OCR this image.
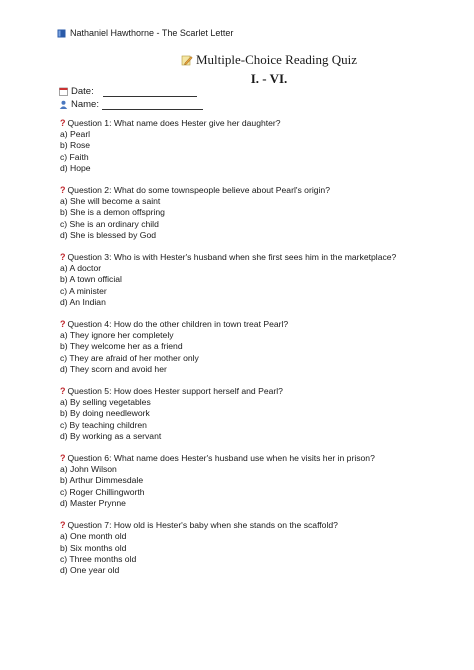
Nathaniel Hawthorne - The Scarlet Letter
Multiple-Choice Reading Quiz
I. - VI.
Date:
Name:
? Question 1: What name does Hester give her daughter?
a) Pearl
b) Rose
c) Faith
d) Hope
? Question 2: What do some townspeople believe about Pearl's origin?
a) She will become a saint
b) She is a demon offspring
c) She is an ordinary child
d) She is blessed by God
? Question 3: Who is with Hester's husband when she first sees him in the marketplace?
a) A doctor
b) A town official
c) A minister
d) An Indian
? Question 4: How do the other children in town treat Pearl?
a) They ignore her completely
b) They welcome her as a friend
c) They are afraid of her mother only
d) They scorn and avoid her
? Question 5: How does Hester support herself and Pearl?
a) By selling vegetables
b) By doing needlework
c) By teaching children
d) By working as a servant
? Question 6: What name does Hester's husband use when he visits her in prison?
a) John Wilson
b) Arthur Dimmesdale
c) Roger Chillingworth
d) Master Prynne
? Question 7: How old is Hester's baby when she stands on the scaffold?
a) One month old
b) Six months old
c) Three months old
d) One year old
